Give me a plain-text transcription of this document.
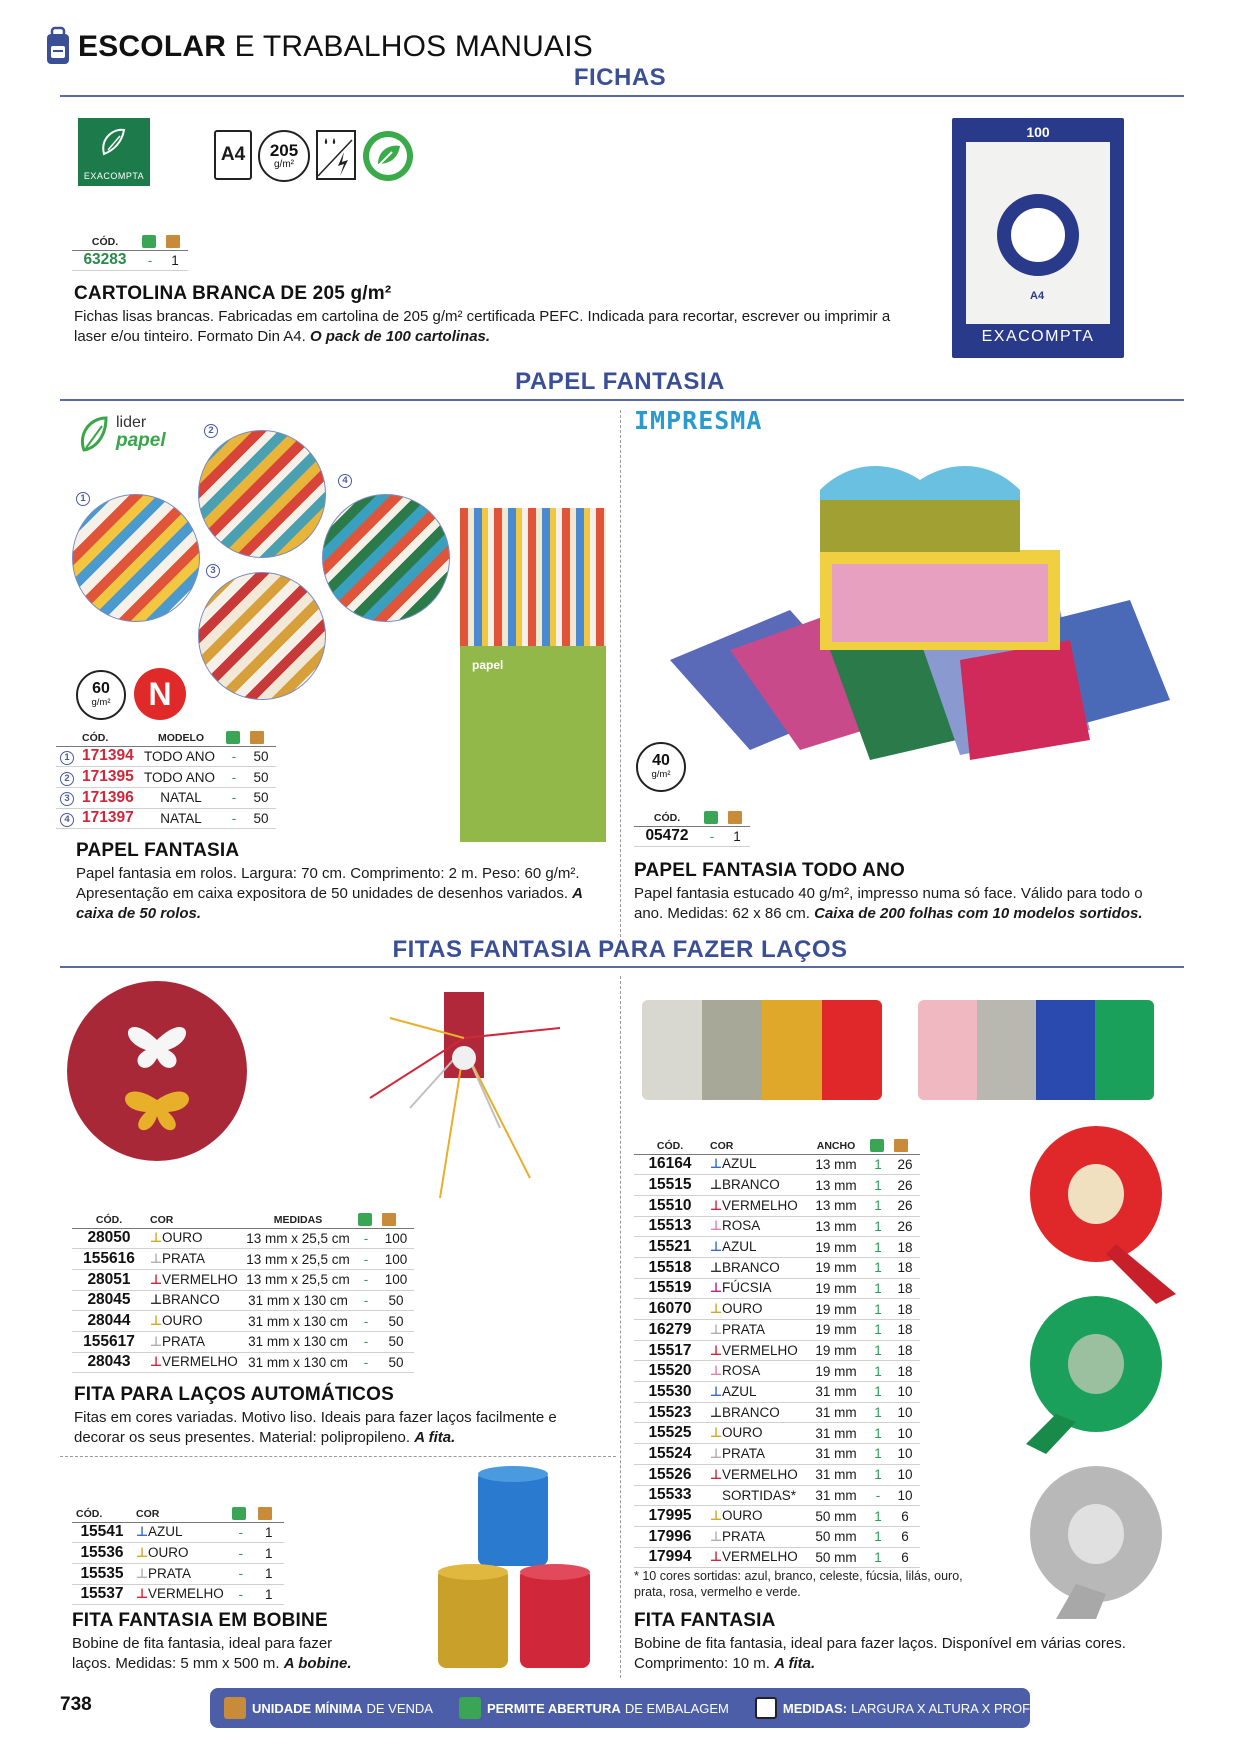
ESCOLAR E TRABALHOS MANUAIS
FICHAS
EXACOMPTA
A4	205
g/m²
CÓD.		
63283	-	1
CARTOLINA BRANCA DE 205 g/m²
Fichas lisas brancas. Fabricadas em cartolina de 205 g/m² certificada PEFC. Indicada para recortar, escrever ou imprimir a laser e/ou tinteiro. Formato Din A4. O pack de 100 cartolinas.
100
A4
EXACOMPTA
PAPEL FANTASIA
lider
papel
1
2
3
4
papel
60
g/m²	N
	CÓD.	MODELO		
1	171394	TODO ANO	-	50
2	171395	TODO ANO	-	50
3	171396	NATAL	-	50
4	171397	NATAL	-	50
PAPEL FANTASIA
Papel fantasia em rolos. Largura: 70 cm. Comprimento: 2 m. Peso: 60 g/m². Apresentação em caixa expositora de 50 unidades de desenhos variados. A caixa de 50 rolos.
IMPRESMA
40
g/m²
CÓD.		
05472	-	1
PAPEL FANTASIA TODO ANO
Papel fantasia estucado 40 g/m², impresso numa só face. Válido para todo o ano. Medidas: 62 x 86 cm. Caixa de 200 folhas com 10 modelos sortidos.
FITAS FANTASIA PARA FAZER LAÇOS
CÓD.	COR	MEDIDAS		
28050	⊥OURO	13 mm x 25,5 cm	-	100
155616	⊥PRATA	13 mm x 25,5 cm	-	100
28051	⊥VERMELHO	13 mm x 25,5 cm	-	100
28045	⊥BRANCO	31 mm x 130 cm	-	50
28044	⊥OURO	31 mm x 130 cm	-	50
155617	⊥PRATA	31 mm x 130 cm	-	50
28043	⊥VERMELHO	31 mm x 130 cm	-	50
FITA PARA LAÇOS AUTOMÁTICOS
Fitas em cores variadas. Motivo liso. Ideais para fazer laços facilmente e decorar os seus presentes. Material: polipropileno. A fita.
CÓD.	COR		
15541	⊥AZUL	-	1
15536	⊥OURO	-	1
15535	⊥PRATA	-	1
15537	⊥VERMELHO	-	1
FITA FANTASIA EM BOBINE
Bobine de fita fantasia, ideal para fazer laços. Medidas: 5 mm x 500 m. A bobine.
CÓD.	COR	ANCHO		
16164	⊥AZUL	13 mm	1	26
15515	⊥BRANCO	13 mm	1	26
15510	⊥VERMELHO	13 mm	1	26
15513	⊥ROSA	13 mm	1	26
15521	⊥AZUL	19 mm	1	18
15518	⊥BRANCO	19 mm	1	18
15519	⊥FÚCSIA	19 mm	1	18
16070	⊥OURO	19 mm	1	18
16279	⊥PRATA	19 mm	1	18
15517	⊥VERMELHO	19 mm	1	18
15520	⊥ROSA	19 mm	1	18
15530	⊥AZUL	31 mm	1	10
15523	⊥BRANCO	31 mm	1	10
15525	⊥OURO	31 mm	1	10
15524	⊥PRATA	31 mm	1	10
15526	⊥VERMELHO	31 mm	1	10
15533	SORTIDAS*	31 mm	-	10
17995	⊥OURO	50 mm	1	6
17996	⊥PRATA	50 mm	1	6
17994	⊥VERMELHO	50 mm	1	6
* 10 cores sortidas: azul, branco, celeste, fúcsia, lilás, ouro, prata, rosa, vermelho e verde.
FITA FANTASIA
Bobine de fita fantasia, ideal para fazer laços. Disponível em várias cores. Comprimento: 10 m. A fita.
738	UNIDADE MÍNIMA DE VENDA	PERMITE ABERTURA DE EMBALAGEM	MEDIDAS: LARGURA X ALTURA X PROFUNDIDADE
